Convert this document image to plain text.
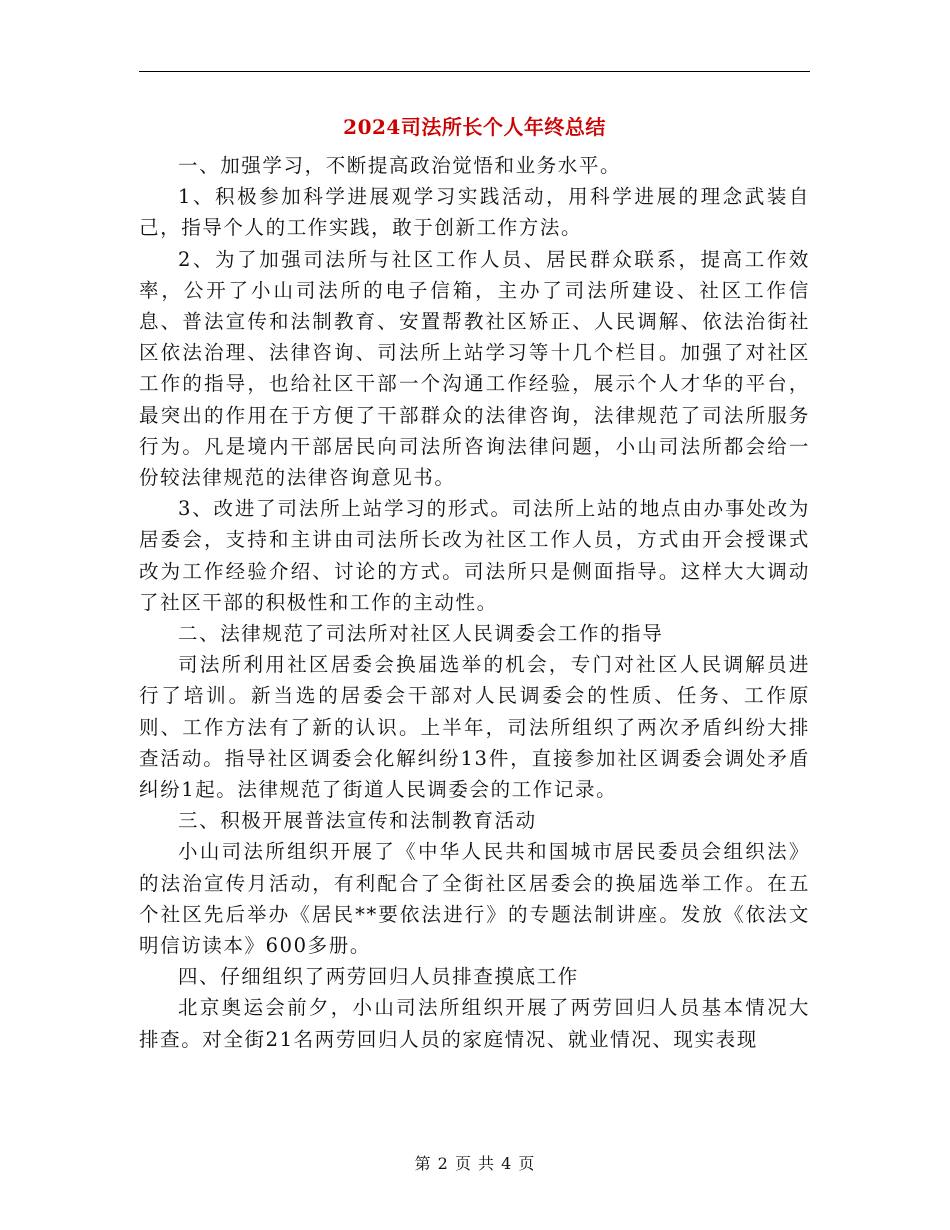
2024司法所长个人年终总结

一、加强学习，不断提高政治觉悟和业务水平。

1、积极参加科学进展观学习实践活动，用科学进展的理念武装自己，指导个人的工作实践，敢于创新工作方法。

2、为了加强司法所与社区工作人员、居民群众联系，提高工作效率，公开了小山司法所的电子信箱，主办了司法所建设、社区工作信息、普法宣传和法制教育、安置帮教社区矫正、人民调解、依法治街社区依法治理、法律咨询、司法所上站学习等十几个栏目。加强了对社区工作的指导，也给社区干部一个沟通工作经验，展示个人才华的平台，最突出的作用在于方便了干部群众的法律咨询，法律规范了司法所服务行为。凡是境内干部居民向司法所咨询法律问题，小山司法所都会给一份较法律规范的法律咨询意见书。

3、改进了司法所上站学习的形式。司法所上站的地点由办事处改为居委会，支持和主讲由司法所长改为社区工作人员，方式由开会授课式改为工作经验介绍、讨论的方式。司法所只是侧面指导。这样大大调动了社区干部的积极性和工作的主动性。

二、法律规范了司法所对社区人民调委会工作的指导

司法所利用社区居委会换届选举的机会，专门对社区人民调解员进行了培训。新当选的居委会干部对人民调委会的性质、任务、工作原则、工作方法有了新的认识。上半年，司法所组织了两次矛盾纠纷大排查活动。指导社区调委会化解纠纷13件，直接参加社区调委会调处矛盾纠纷1起。法律规范了街道人民调委会的工作记录。

三、积极开展普法宣传和法制教育活动

小山司法所组织开展了《中华人民共和国城市居民委员会组织法》的法治宣传月活动，有利配合了全街社区居委会的换届选举工作。在五个社区先后举办《居民**要依法进行》的专题法制讲座。发放《依法文明信访读本》600多册。

四、仔细组织了两劳回归人员排查摸底工作

北京奥运会前夕，小山司法所组织开展了两劳回归人员基本情况大排查。对全街21名两劳回归人员的家庭情况、就业情况、现实表现

第 2 页 共 4 页
